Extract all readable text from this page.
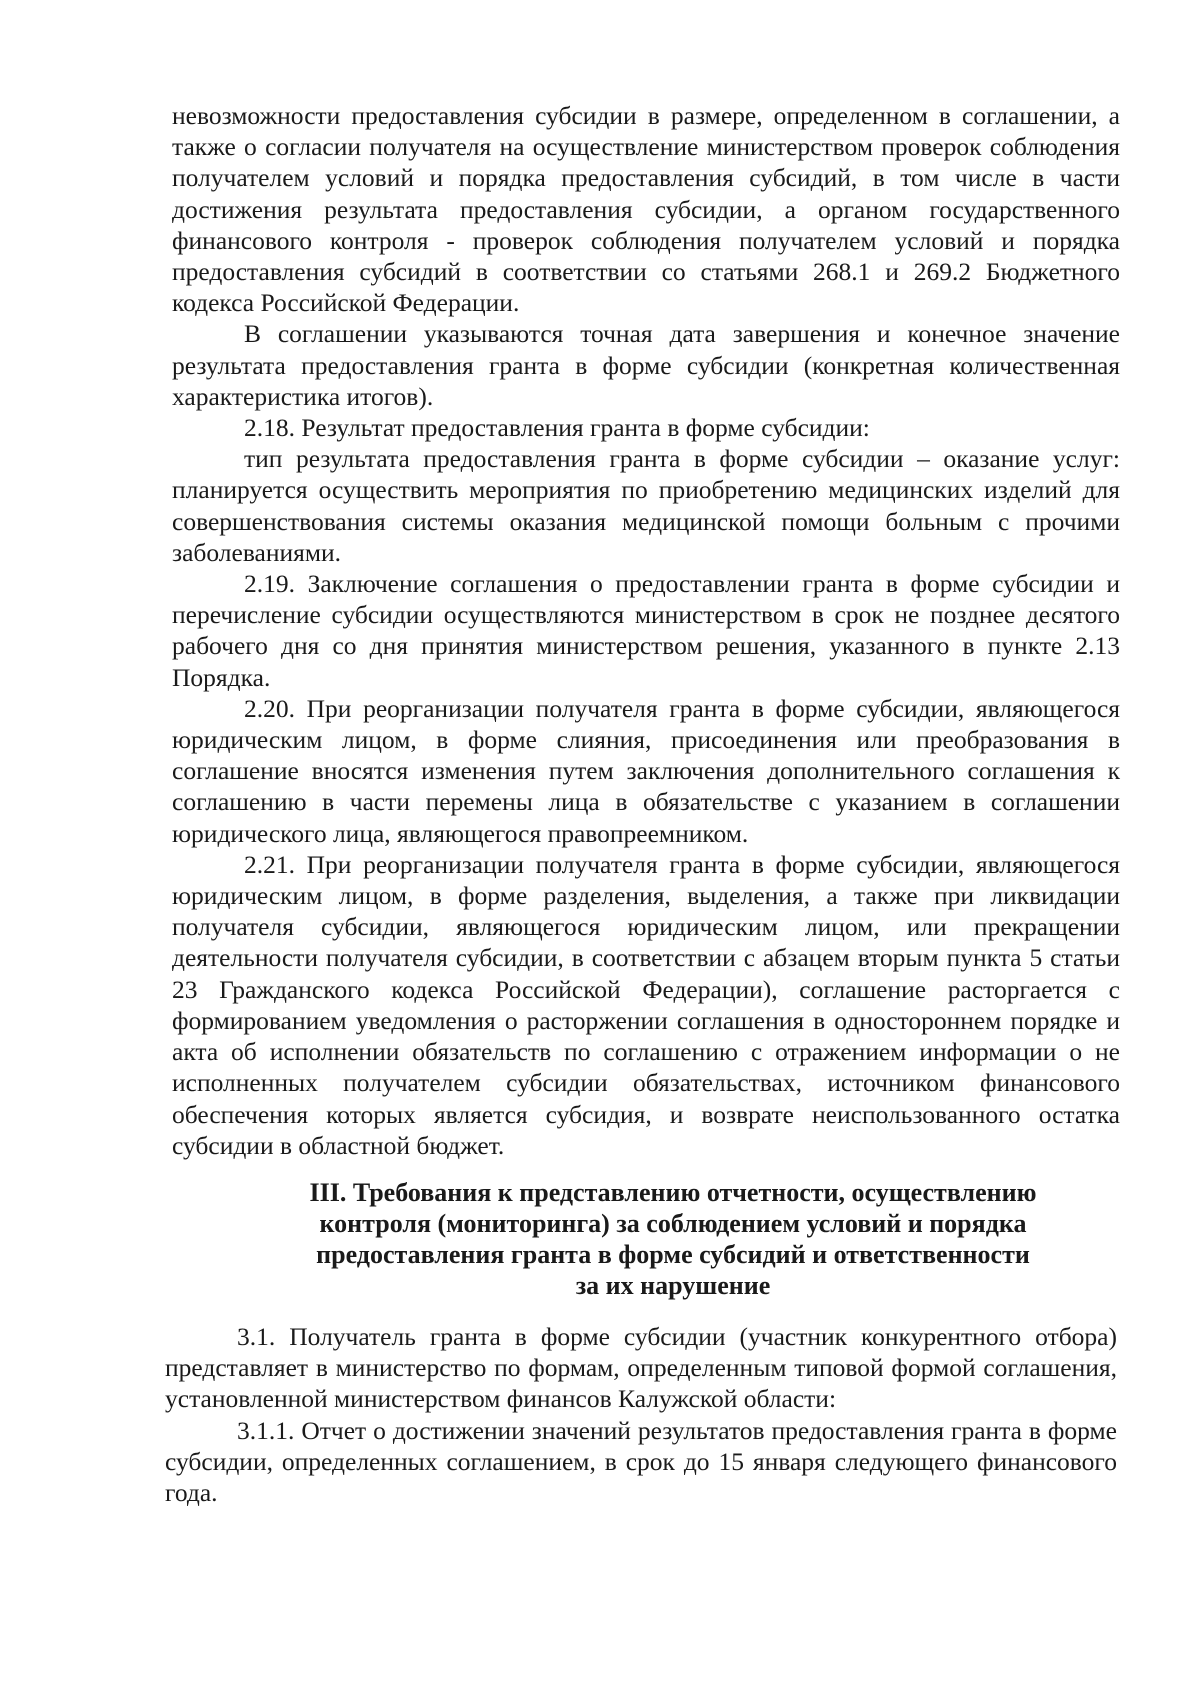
невозможности предоставления субсидии в размере, определенном в соглашении, а также о согласии получателя на осуществление министерством проверок соблюдения получателем условий и порядка предоставления субсидий, в том числе в части достижения результата предоставления субсидии, а органом государственного финансового контроля - проверок соблюдения получателем условий и порядка предоставления субсидий в соответствии со статьями 268.1 и 269.2 Бюджетного кодекса Российской Федерации.

В соглашении указываются точная дата завершения и конечное значение результата предоставления гранта в форме субсидии (конкретная количественная характеристика итогов).

2.18. Результат предоставления гранта в форме субсидии:

тип результата предоставления гранта в форме субсидии – оказание услуг: планируется осуществить мероприятия по приобретению медицинских изделий для совершенствования системы оказания медицинской помощи больным с прочими заболеваниями.

2.19. Заключение соглашения о предоставлении гранта в форме субсидии и перечисление субсидии осуществляются министерством в срок не позднее десятого рабочего дня со дня принятия министерством решения, указанного в пункте 2.13 Порядка.

2.20. При реорганизации получателя гранта в форме субсидии, являющегося юридическим лицом, в форме слияния, присоединения или преобразования в соглашение вносятся изменения путем заключения дополнительного соглашения к соглашению в части перемены лица в обязательстве с указанием в соглашении юридического лица, являющегося правопреемником.

2.21. При реорганизации получателя гранта в форме субсидии, являющегося юридическим лицом, в форме разделения, выделения, а также при ликвидации получателя субсидии, являющегося юридическим лицом, или прекращении деятельности получателя субсидии, в соответствии с абзацем вторым пункта 5 статьи 23 Гражданского кодекса Российской Федерации), соглашение расторгается с формированием уведомления о расторжении соглашения в одностороннем порядке и акта об исполнении обязательств по соглашению с отражением информации о не исполненных получателем субсидии обязательствах, источником финансового обеспечения которых является субсидия, и возврате неиспользованного остатка субсидии в областной бюджет.

III. Требования к представлению отчетности, осуществлению
контроля (мониторинга) за соблюдением условий и порядка
предоставления гранта в форме субсидий и ответственности
за их нарушение

3.1. Получатель гранта в форме субсидии (участник конкурентного отбора) представляет в министерство по формам, определенным типовой формой соглашения, установленной министерством финансов Калужской области:

3.1.1. Отчет о достижении значений результатов предоставления гранта в форме субсидии, определенных соглашением, в срок до 15 января следующего финансового года.
